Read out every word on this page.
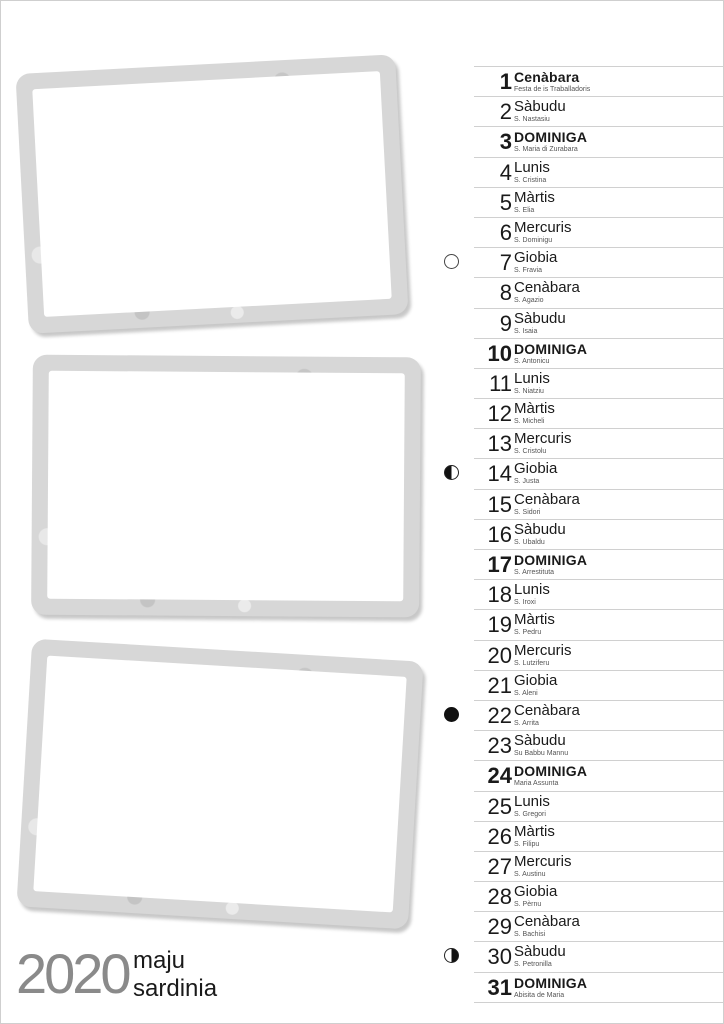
1 Cenàbara
Festa de is Traballadoris
2 Sàbudu
S. Nastasiu
3 DOMINIGA
S. Maria di Zurabara
4 Lunis
S. Cristina
5 Màrtis
S. Elia
6 Mercuris
S. Dominigu
7 Giobia
S. Fravia
8 Cenàbara
S. Agazio
9 Sàbudu
S. Isaia
10 DOMINIGA
S. Antonicu
11 Lunis
S. Niatziu
12 Màrtis
S. Micheli
13 Mercuris
S. Cristolu
14 Giobia
S. Justa
15 Cenàbara
S. Sidori
16 Sàbudu
S. Ubaldu
17 DOMINIGA
S. Arrestituta
18 Lunis
S. Iroxi
19 Màrtis
S. Pedru
20 Mercuris
S. Lutziferu
21 Giobia
S. Aleni
22 Cenàbara
S. Arrita
23 Sàbudu
Su Babbu Mannu
24 DOMINIGA
Maria Assunta
25 Lunis
S. Gregori
26 Màrtis
S. Filipu
27 Mercuris
S. Austinu
28 Giobia
S. Pèrnu
29 Cenàbara
S. Bachisi
30 Sàbudu
S. Petronilla
31 DOMINIGA
Abisita de Maria
2020 maju
sardinia
